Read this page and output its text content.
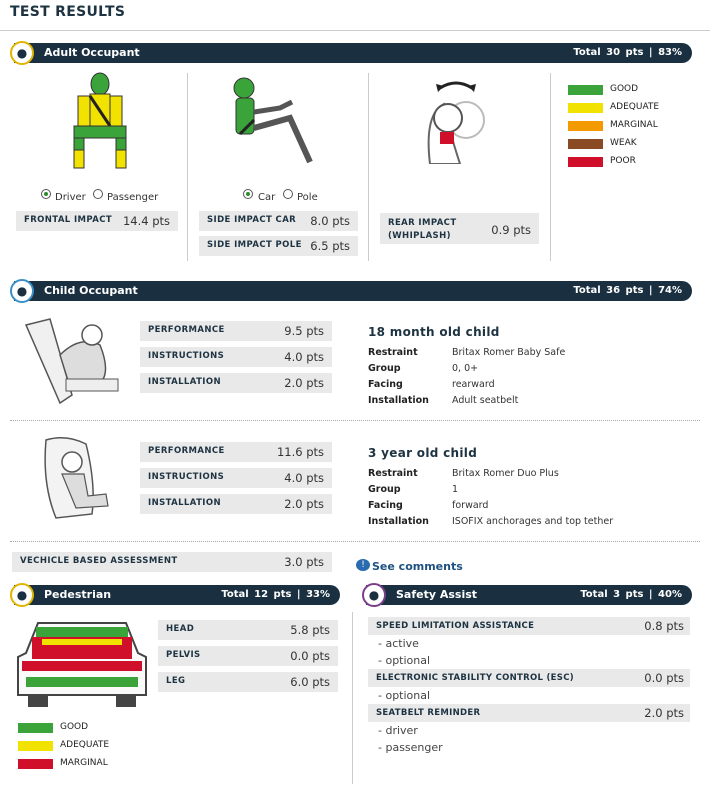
TEST RESULTS
Adult Occupant	Total 30 pts | 83%
●
Driver Passenger
FRONTAL IMPACT 14.4 pts
Car Pole
SIDE IMPACT CAR 8.0 pts
SIDE IMPACT POLE 6.5 pts
REAR IMPACT
(WHIPLASH)	0.9 pts
GOOD
ADEQUATE
MARGINAL
WEAK
POOR
Child Occupant	Total 36 pts | 74%
●
PERFORMANCE	9.5 pts
INSTRUCTIONS	4.0 pts
INSTALLATION	2.0 pts
18 month old child
Restraint	Britax Romer Baby Safe
Group	0, 0+
Facing	rearward
Installation Adult seatbelt
PERFORMANCE	11.6 pts
INSTRUCTIONS	4.0 pts
INSTALLATION	2.0 pts
3 year old child
Restraint	Britax Romer Duo Plus
Group	1
Facing	forward
Installation ISOFIX anchorages and top tether
VECHICLE BASED ASSESSMENT	3.0 pts	! See comments
Pedestrian	Total 12 pts | 33%
●
HEAD	5.8 pts
PELVIS	0.0 pts
LEG	6.0 pts
GOOD
ADEQUATE
MARGINAL
Safety Assist	Total 3 pts | 40%
●
SPEED LIMITATION ASSISTANCE	0.8 pts
- active
- optional
ELECTRONIC STABILITY CONTROL (ESC)	0.0 pts
- optional
SEATBELT REMINDER	2.0 pts
- driver
- passenger
